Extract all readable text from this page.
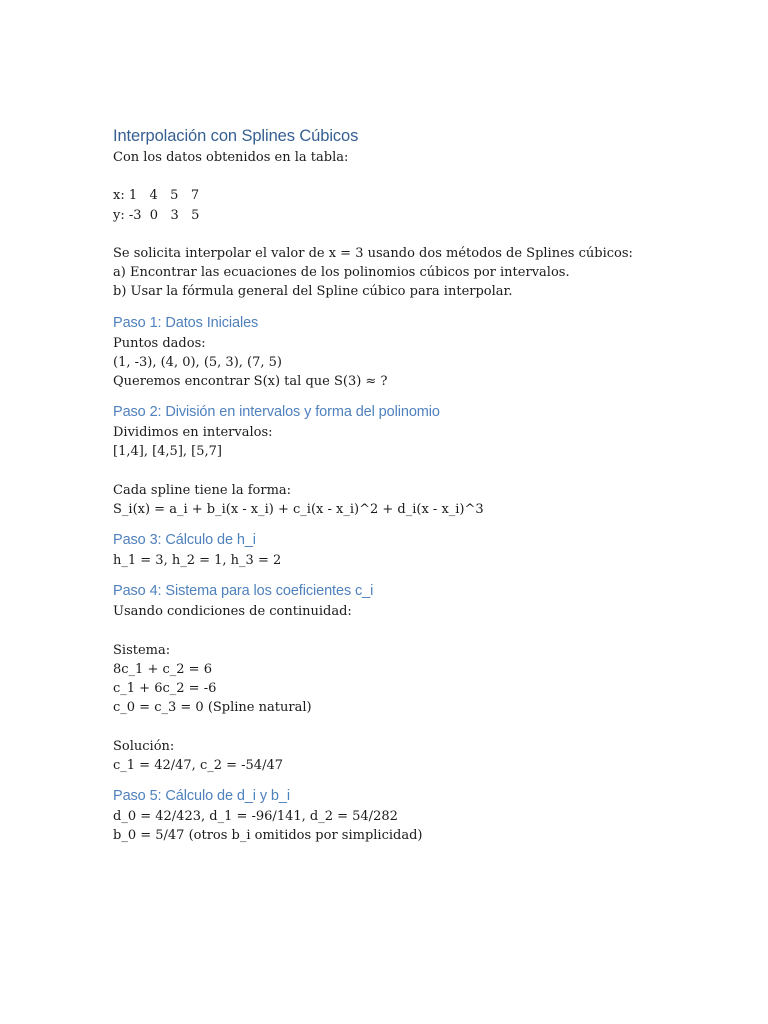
Interpolación con Splines Cúbicos
Con los datos obtenidos en la tabla:
x: 1   4   5   7
y: -3  0   3   5
Se solicita interpolar el valor de x = 3 usando dos métodos de Splines cúbicos:
a) Encontrar las ecuaciones de los polinomios cúbicos por intervalos.
b) Usar la fórmula general del Spline cúbico para interpolar.
Paso 1: Datos Iniciales
Puntos dados:
(1, -3), (4, 0), (5, 3), (7, 5)
Queremos encontrar S(x) tal que S(3) ≈ ?
Paso 2: División en intervalos y forma del polinomio
Dividimos en intervalos:
[1,4], [4,5], [5,7]
Cada spline tiene la forma:
S_i(x) = a_i + b_i(x - x_i) + c_i(x - x_i)^2 + d_i(x - x_i)^3
Paso 3: Cálculo de h_i
h_1 = 3, h_2 = 1, h_3 = 2
Paso 4: Sistema para los coeficientes c_i
Usando condiciones de continuidad:
Sistema:
8c_1 + c_2 = 6
c_1 + 6c_2 = -6
c_0 = c_3 = 0 (Spline natural)
Solución:
c_1 = 42/47, c_2 = -54/47
Paso 5: Cálculo de d_i y b_i
d_0 = 42/423, d_1 = -96/141, d_2 = 54/282
b_0 = 5/47 (otros b_i omitidos por simplicidad)
